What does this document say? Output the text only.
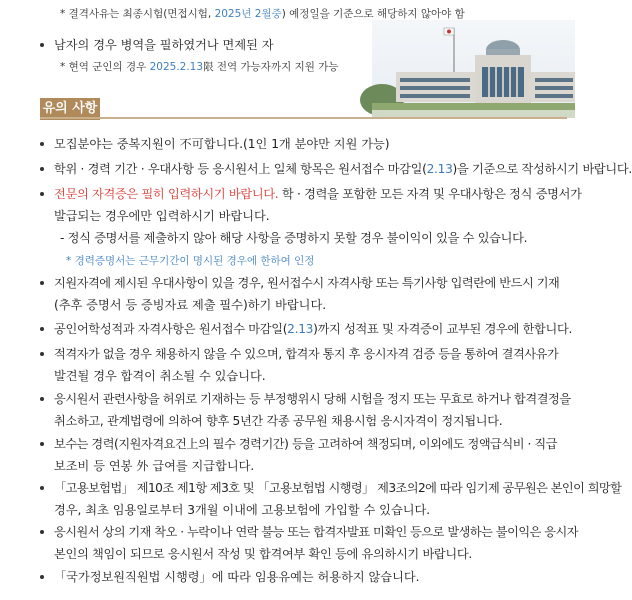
* 결격사유는 최종시험(면접시험, 2025년 2월중) 예정일을 기준으로 해당하지 않아야 함
남자의 경우 병역을 필하였거나 면제된 자
* 현역 군인의 경우 2025.2.13限 전역 가능자까지 지원 가능
유의 사항
모집분야는 중복지원이 不可합니다.(1인 1개 분야만 지원 가능)
학위 · 경력 기간 · 우대사항 등 응시원서上 일체 항목은 원서접수 마감일(2.13)을 기준으로 작성하시기 바랍니다.
전문의 자격증은 필히 입력하시기 바랍니다. 학 · 경력을 포함한 모든 자격 및 우대사항은 정식 증명서가
발급되는 경우에만 입력하시기 바랍니다.
- 정식 증명서를 제출하지 않아 해당 사항을 증명하지 못할 경우 불이익이 있을 수 있습니다.
* 경력증명서는 근무기간이 명시된 경우에 한하여 인정
지원자격에 제시된 우대사항이 있을 경우, 원서접수시 자격사항 또는 특기사항 입력란에 반드시 기재
(추후 증명서 등 증빙자료 제출 필수)하기 바랍니다.
공인어학성적과 자격사항은 원서접수 마감일(2.13)까지 성적표 및 자격증이 교부된 경우에 한합니다.
적격자가 없을 경우 채용하지 않을 수 있으며, 합격자 통지 후 응시자격 검증 등을 통하여 결격사유가
발견될 경우 합격이 취소될 수 있습니다.
응시원서 관련사항을 허위로 기재하는 등 부정행위시 당해 시험을 정지 또는 무효로 하거나 합격결정을
취소하고, 관계법령에 의하여 향후 5년간 각종 공무원 채용시험 응시자격이 정지됩니다.
보수는 경력(지원자격요건上의 필수 경력기간) 등을 고려하여 책정되며, 이외에도 정액급식비 · 직급
보조비 등 연봉 外 급여를 지급합니다.
「고용보험법」 제10조 제1항 제3호 및 「고용보험법 시행령」 제3조의2에 따라 임기제 공무원은 본인이 희망할
경우, 최초 임용일로부터 3개월 이내에 고용보험에 가입할 수 있습니다.
응시원서 상의 기재 착오 · 누락이나 연락 불능 또는 합격자발표 미확인 등으로 발생하는 불이익은 응시자
본인의 책임이 되므로 응시원서 작성 및 합격여부 확인 등에 유의하시기 바랍니다.
「국가정보원직원법 시행령」에 따라 임용유예는 허용하지 않습니다.
